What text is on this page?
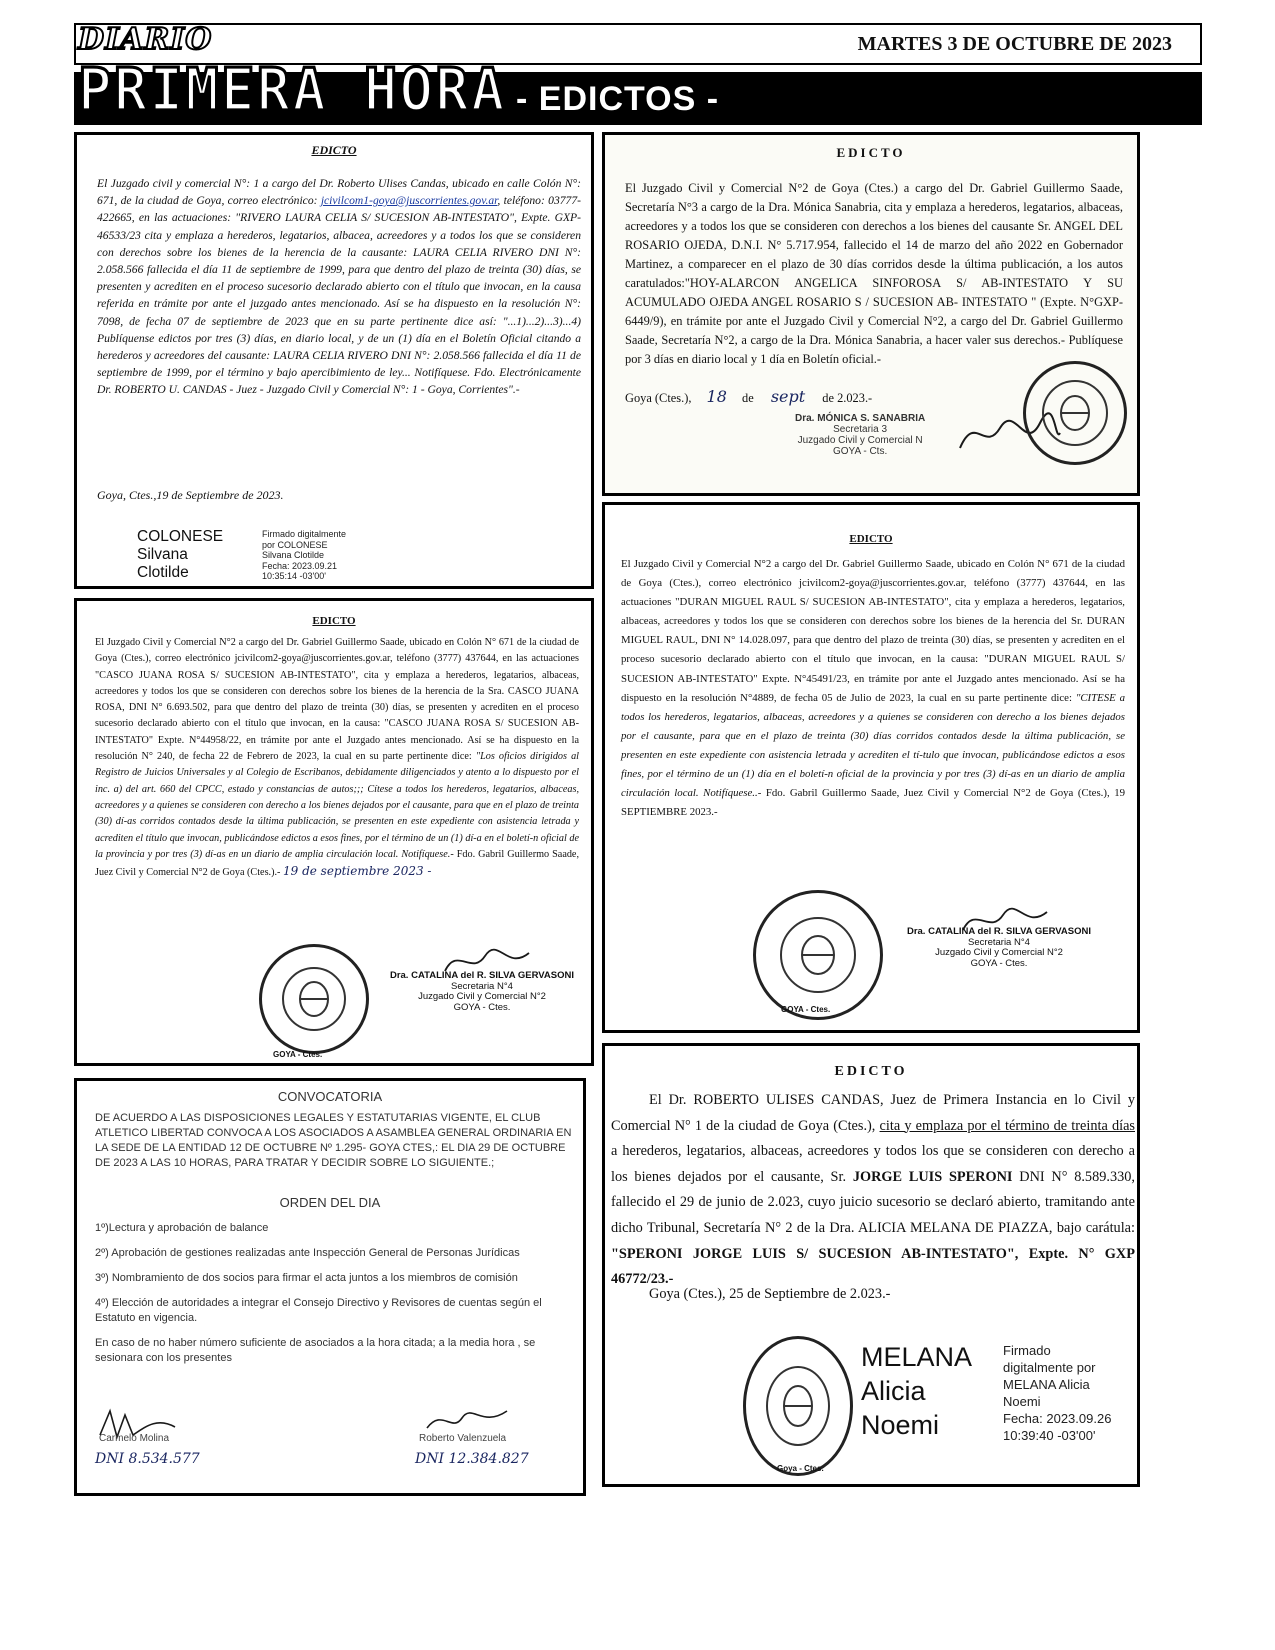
MARTES 3 DE OCTUBRE DE 2023
DIARIO
PRIMERA HORA - EDICTOS -
EDICTO
El Juzgado civil y comercial N°: 1 a cargo del Dr. Roberto Ulises Candas, ubicado en calle Colón N°: 671, de la ciudad de Goya, correo electrónico: jcivilcom1-goya@juscorrientes.gov.ar, teléfono: 03777-422665, en las actuaciones: "RIVERO LAURA CELIA S/ SUCESION AB-INTESTATO", Expte. GXP- 46533/23 cita y emplaza a herederos, legatarios, albacea, acreedores y a todos los que se consideren con derechos sobre los bienes de la herencia de la causante: LAURA CELIA RIVERO DNI N°: 2.058.566 fallecida el día 11 de septiembre de 1999, para que dentro del plazo de treinta (30) días, se presenten y acrediten en el proceso sucesorio declarado abierto con el título que invocan, en la causa referida en trámite por ante el juzgado antes mencionado. Así se ha dispuesto en la resolución N°: 7098, de fecha 07 de septiembre de 2023 que en su parte pertinente dice así: "...1)...2)...3)...4) Publíquense edictos por tres (3) días, en diario local, y de un (1) día en el Boletín Oficial citando a herederos y acreedores del causante: LAURA CELIA RIVERO DNI N°: 2.058.566 fallecida el día 11 de septiembre de 1999, por el término y bajo apercibimiento de ley... Notifíquese. Fdo. Electrónicamente Dr. ROBERTO U. CANDAS - Juez - Juzgado Civil y Comercial N°: 1 - Goya, Corrientes".-
Goya, Ctes.,19 de Septiembre de 2023.
COLONESE
Silvana
Clotilde
Firmado digitalmente
por COLONESE
Silvana Clotilde
Fecha: 2023.09.21
10:35:14 -03'00'
EDICTO
El Juzgado Civil y Comercial N°2 de Goya (Ctes.) a cargo del Dr. Gabriel Guillermo Saade, Secretaría N°3 a cargo de la Dra. Mónica Sanabria, cita y emplaza a herederos, legatarios, albaceas, acreedores y a todos los que se consideren con derechos a los bienes del causante Sr. ANGEL DEL ROSARIO OJEDA, D.N.I. N° 5.717.954, fallecido el 14 de marzo del año 2022 en Gobernador Martinez, a comparecer en el plazo de 30 días corridos desde la última publicación, a los autos caratulados:"HOY-ALARCON ANGELICA SINFOROSA S/ AB-INTESTATO Y SU ACUMULADO OJEDA ANGEL ROSARIO S / SUCESION AB- INTESTATO " (Expte. N°GXP-6449/9), en trámite por ante el Juzgado Civil y Comercial N°2, a cargo del Dr. Gabriel Guillermo Saade, Secretaría N°2, a cargo de la Dra. Mónica Sanabria, a hacer valer sus derechos.- Publíquese por 3 días en diario local y 1 día en Boletín oficial.-
Goya (Ctes.), 18 de sept de 2.023.-
Dra. MÓNICA S. SANABRIA
Secretaria 3
Juzgado Civil y Comercial N
GOYA - Cts.
EDICTO
El Juzgado Civil y Comercial N°2 a cargo del Dr. Gabriel Guillermo Saade, ubicado en Colón N° 671 de la ciudad de Goya (Ctes.), correo electrónico jcivilcom2-goya@juscorrientes.gov.ar, teléfono (3777) 437644, en las actuaciones "CASCO JUANA ROSA S/ SUCESION AB-INTESTATO", cita y emplaza a herederos, legatarios, albaceas, acreedores y todos los que se consideren con derechos sobre los bienes de la herencia de la Sra. CASCO JUANA ROSA, DNI N° 6.693.502, para que dentro del plazo de treinta (30) días, se presenten y acrediten en el proceso sucesorio declarado abierto con el título que invocan, en la causa: "CASCO JUANA ROSA S/ SUCESION AB-INTESTATO" Expte. N°44958/22, en trámite por ante el Juzgado antes mencionado. Así se ha dispuesto en la resolución N° 240, de fecha 22 de Febrero de 2023, la cual en su parte pertinente dice: "Los oficios dirigidos al Registro de Juicios Universales y al Colegio de Escribanos, debidamente diligenciados y atento a lo dispuesto por el inc. a) del art. 660 del CPCC, estado y constancias de autos;;; Cítese a todos los herederos, legatarios, albaceas, acreedores y a quienes se consideren con derecho a los bienes dejados por el causante, para que en el plazo de treinta (30) dí-as corridos contados desde la última publicación, se presenten en este expediente con asistencia letrada y acrediten el título que invocan, publicándose edictos a esos fines, por el término de un (1) dí-a en el boletí-n oficial de la provincia y por tres (3) dí-as en un diario de amplia circulación local. Notifíquese.- Fdo. Gabril Guillermo Saade, Juez Civil y Comercial N°2 de Goya (Ctes.).- 19 de septiembre 2023 -
GOYA - Ctes.
Dra. CATALINA del R. SILVA GERVASONI
Secretaria N°4
Juzgado Civil y Comercial N°2
GOYA - Ctes.
EDICTO
El Juzgado Civil y Comercial N°2 a cargo del Dr. Gabriel Guillermo Saade, ubicado en Colón N° 671 de la ciudad de Goya (Ctes.), correo electrónico jcivilcom2-goya@juscorrientes.gov.ar, teléfono (3777) 437644, en las actuaciones "DURAN MIGUEL RAUL S/ SUCESION AB-INTESTATO", cita y emplaza a herederos, legatarios, albaceas, acreedores y todos los que se consideren con derechos sobre los bienes de la herencia del Sr. DURAN MIGUEL RAUL, DNI N° 14.028.097, para que dentro del plazo de treinta (30) días, se presenten y acrediten en el proceso sucesorio declarado abierto con el título que invocan, en la causa: "DURAN MIGUEL RAUL S/ SUCESION AB-INTESTATO" Expte. N°45491/23, en trámite por ante el Juzgado antes mencionado. Así se ha dispuesto en la resolución N°4889, de fecha 05 de Julio de 2023, la cual en su parte pertinente dice: "CITESE a todos los herederos, legatarios, albaceas, acreedores y a quienes se consideren con derecho a los bienes dejados por el causante, para que en el plazo de treinta (30) días corridos contados desde la última publicación, se presenten en este expediente con asistencia letrada y acrediten el tí-tulo que invocan, publicándose edictos a esos fines, por el término de un (1) día en el boletí-n oficial de la provincia y por tres (3) dí-as en un diario de amplia circulación local. Notifíquese..- Fdo. Gabril Guillermo Saade, Juez Civil y Comercial N°2 de Goya (Ctes.), 19 SEPTIEMBRE 2023.-
GOYA - Ctes.
Dra. CATALINA del R. SILVA GERVASONI
Secretaria N°4
Juzgado Civil y Comercial N°2
GOYA - Ctes.
CONVOCATORIA
DE ACUERDO A LAS DISPOSICIONES LEGALES Y ESTATUTARIAS VIGENTE, EL CLUB ATLETICO LIBERTAD CONVOCA A LOS ASOCIADOS A ASAMBLEA GENERAL ORDINARIA EN LA SEDE DE LA ENTIDAD 12 DE OCTUBRE Nº 1.295- GOYA CTES,: EL DIA 29 DE OCTUBRE DE 2023 A LAS 10 HORAS, PARA TRATAR Y DECIDIR SOBRE LO SIGUIENTE.;
ORDEN DEL DIA
1º)Lectura y aprobación de balance
2º) Aprobación de gestiones realizadas ante Inspección General de Personas Jurídicas
3º) Nombramiento de dos socios para firmar el acta juntos a los miembros de comisión
4º) Elección de autoridades a integrar el Consejo Directivo y Revisores de cuentas según el Estatuto en vigencia.
En caso de no haber número suficiente de asociados a la hora citada; a la media hora , se sesionara con los presentes
Carmelo Molina
DNI 8.534.577
Roberto Valenzuela
DNI 12.384.827
EDICTO
El Dr. ROBERTO ULISES CANDAS, Juez de Primera Instancia en lo Civil y Comercial N° 1 de la ciudad de Goya (Ctes.), cita y emplaza por el término de treinta días a herederos, legatarios, albaceas, acreedores y todos los que se consideren con derecho a los bienes dejados por el causante, Sr. JORGE LUIS SPERONI DNI N° 8.589.330, fallecido el 29 de junio de 2.023, cuyo juicio sucesorio se declaró abierto, tramitando ante dicho Tribunal, Secretaría N° 2 de la Dra. ALICIA MELANA DE PIAZZA, bajo carátula: "SPERONI JORGE LUIS S/ SUCESION AB-INTESTATO", Expte. N° GXP 46772/23.-
Goya (Ctes.), 25 de Septiembre de 2.023.-
Goya - Ctes.
MELANA
Alicia
Noemi
Firmado
digitalmente por
MELANA Alicia
Noemi
Fecha: 2023.09.26
10:39:40 -03'00'
